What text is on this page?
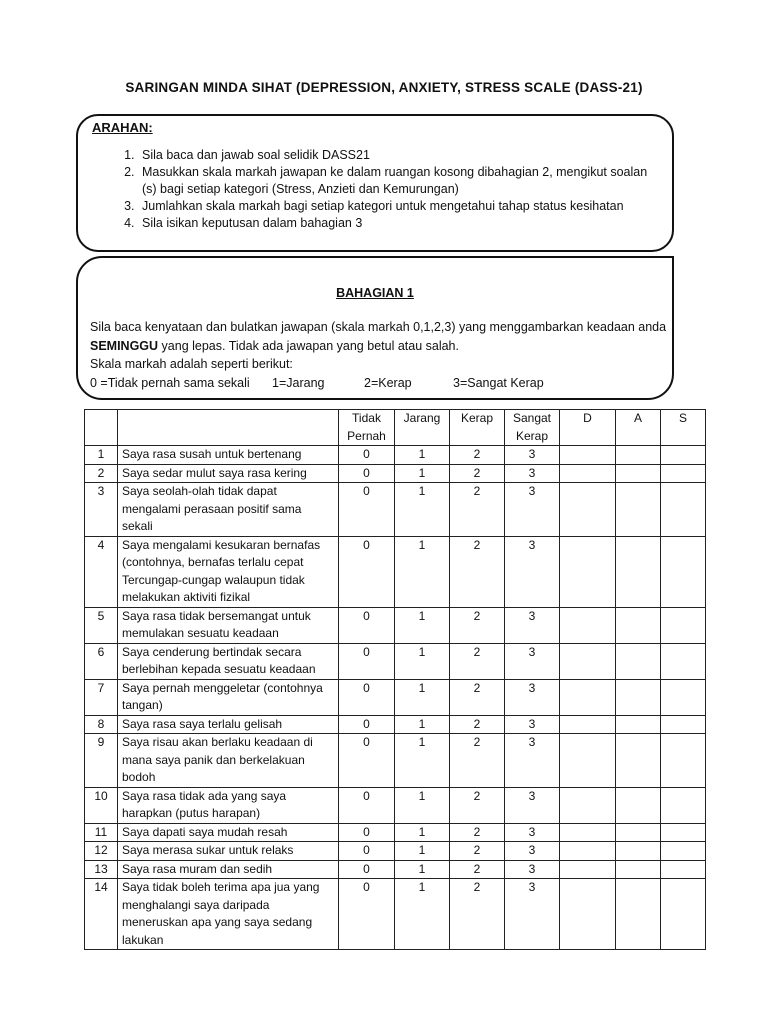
SARINGAN MINDA SIHAT (DEPRESSION, ANXIETY, STRESS SCALE (DASS-21)
ARAHAN:
1. Sila baca dan jawab soal selidik DASS21
2. Masukkan skala markah jawapan ke dalam ruangan kosong dibahagian 2, mengikut soalan (s) bagi setiap kategori (Stress, Anzieti dan Kemurungan)
3. Jumlahkan skala markah bagi setiap kategori untuk mengetahui tahap status kesihatan
4. Sila isikan keputusan dalam bahagian 3
BAHAGIAN 1
Sila baca kenyataan dan bulatkan jawapan (skala markah 0,1,2,3) yang menggambarkan keadaan anda
SEMINGGU yang lepas. Tidak ada jawapan yang betul atau salah.
Skala markah adalah seperti berikut:
0 =Tidak pernah sama sekali	1=Jarang	2=Kerap	3=Sangat Kerap
		Tidak Pernah	Jarang	Kerap	Sangat Kerap	D	A	S
1	Saya rasa susah untuk bertenang	0	1	2	3			
2	Saya sedar mulut saya rasa kering	0	1	2	3			
3	Saya seolah-olah tidak dapat mengalami perasaan positif sama sekali	0	1	2	3			
4	Saya mengalami kesukaran bernafas (contohnya, bernafas terlalu cepat Tercungap-cungap walaupun tidak melakukan aktiviti fizikal	0	1	2	3			
5	Saya rasa tidak bersemangat untuk memulakan sesuatu keadaan	0	1	2	3			
6	Saya cenderung bertindak secara berlebihan kepada sesuatu keadaan	0	1	2	3			
7	Saya pernah menggeletar (contohnya tangan)	0	1	2	3			
8	Saya rasa saya terlalu gelisah	0	1	2	3			
9	Saya risau akan berlaku keadaan di mana saya panik dan berkelakuan bodoh	0	1	2	3			
10	Saya rasa tidak ada yang saya harapkan (putus harapan)	0	1	2	3			
11	Saya dapati saya mudah resah	0	1	2	3			
12	Saya merasa sukar untuk relaks	0	1	2	3			
13	Saya rasa muram dan sedih	0	1	2	3			
14	Saya tidak boleh terima apa jua yang menghalangi saya daripada meneruskan apa yang saya sedang lakukan	0	1	2	3			
